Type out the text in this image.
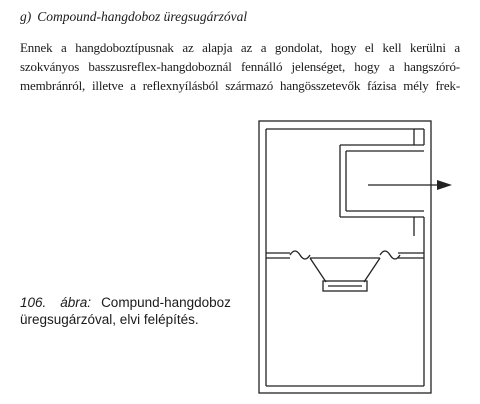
g) Compound-hangdoboz üregsugárzóval
Ennek a hangdoboztípusnak az alapja az a gondolat, hogy el kell kerülni a
szokványos basszusreflex-hangdoboznál fennálló jelenséget, hogy a hangszóró-
membránról, illetve a reflexnyílásból származó hangösszetevők fázisa mély frek-
106. ábra: Compund-hangdoboz üregsugárzóval, elvi felépítés.
